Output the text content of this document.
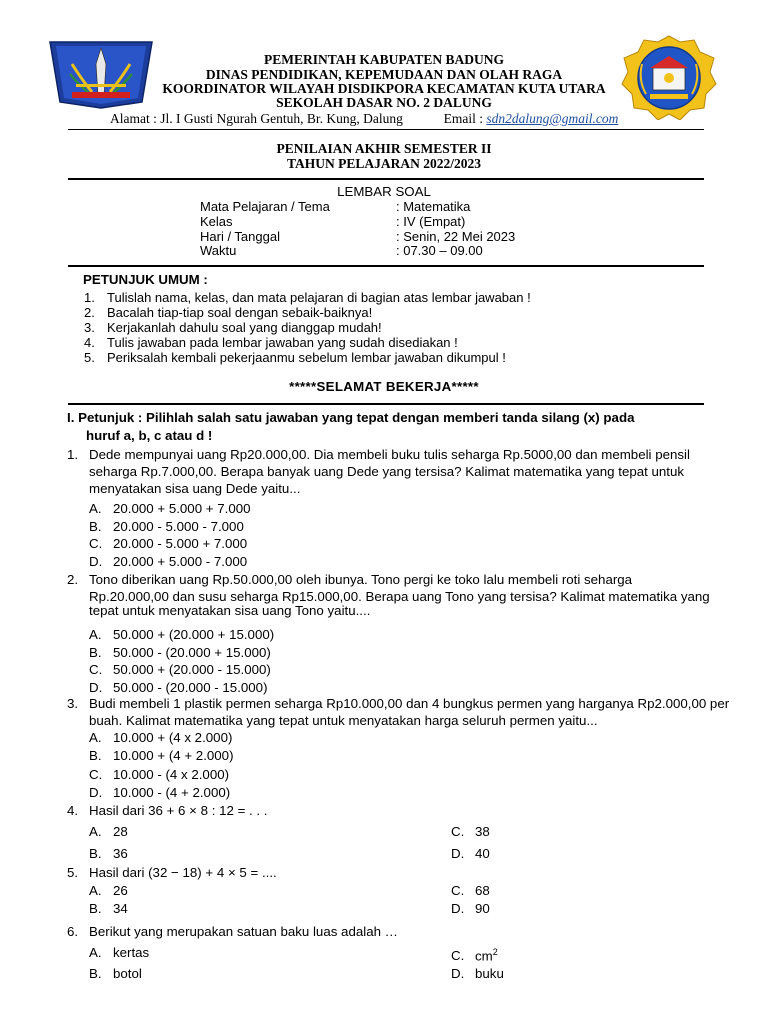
PEMERINTAH KABUPATEN BADUNG
DINAS PENDIDIKAN, KEPEMUDAAN DAN OLAH RAGA
KOORDINATOR WILAYAH DISDIKPORA KECAMATAN KUTA UTARA
SEKOLAH DASAR NO. 2 DALUNG
Alamat : Jl. I Gusti Ngurah Gentuh, Br. Kung, Dalung	Email : sdn2dalung@gmail.com
PENILAIAN AKHIR SEMESTER II
TAHUN PELAJARAN 2022/2023
LEMBAR SOAL
Mata Pelajaran / Tema	: Matematika
Kelas	: IV (Empat)
Hari / Tanggal	: Senin, 22 Mei 2023
Waktu	: 07.30 – 09.00
PETUNJUK UMUM :
1. Tulislah nama, kelas, dan mata pelajaran di bagian atas lembar jawaban !
2. Bacalah tiap-tiap soal dengan sebaik-baiknya!
3. Kerjakanlah dahulu soal yang dianggap mudah!
4. Tulis jawaban pada lembar jawaban yang sudah disediakan !
5. Periksalah kembali pekerjaanmu sebelum lembar jawaban dikumpul !
*****SELAMAT BEKERJA*****
I. Petunjuk : Pilihlah salah satu jawaban yang tepat dengan memberi tanda silang (x) pada
huruf a, b, c atau d !
1. Dede mempunyai uang Rp20.000,00. Dia membeli buku tulis seharga Rp.5000,00 dan membeli pensil
seharga Rp.7.000,00. Berapa banyak uang Dede yang tersisa? Kalimat matematika yang tepat untuk
menyatakan sisa uang Dede yaitu...
A. 20.000 + 5.000 + 7.000
B. 20.000 - 5.000 - 7.000
C. 20.000 - 5.000 + 7.000
D. 20.000 + 5.000 - 7.000
2. Tono diberikan uang Rp.50.000,00 oleh ibunya. Tono pergi ke toko lalu membeli roti seharga
Rp.20.000,00 dan susu seharga Rp15.000,00. Berapa uang Tono yang tersisa? Kalimat matematika yang
tepat untuk menyatakan sisa uang Tono yaitu....
A. 50.000 + (20.000 + 15.000)
B. 50.000 - (20.000 + 15.000)
C. 50.000 + (20.000 - 15.000)
D. 50.000 - (20.000 - 15.000)
3. Budi membeli 1 plastik permen seharga Rp10.000,00 dan 4 bungkus permen yang harganya Rp2.000,00 per
buah. Kalimat matematika yang tepat untuk menyatakan harga seluruh permen yaitu...
A. 10.000 + (4 x 2.000)
B. 10.000 + (4 + 2.000)
C. 10.000 - (4 x 2.000)
D. 10.000 - (4 + 2.000)
4. Hasil dari 36 + 6 × 8 : 12 = . . .
A. 28
B. 36
C. 38
D. 40
5. Hasil dari (32 − 18) + 4 × 5 = ....
A. 26
B. 34
C. 68
D. 90
6. Berikut yang merupakan satuan baku luas adalah …
A. kertas
B. botol
C. $cm^2$
D. buku
